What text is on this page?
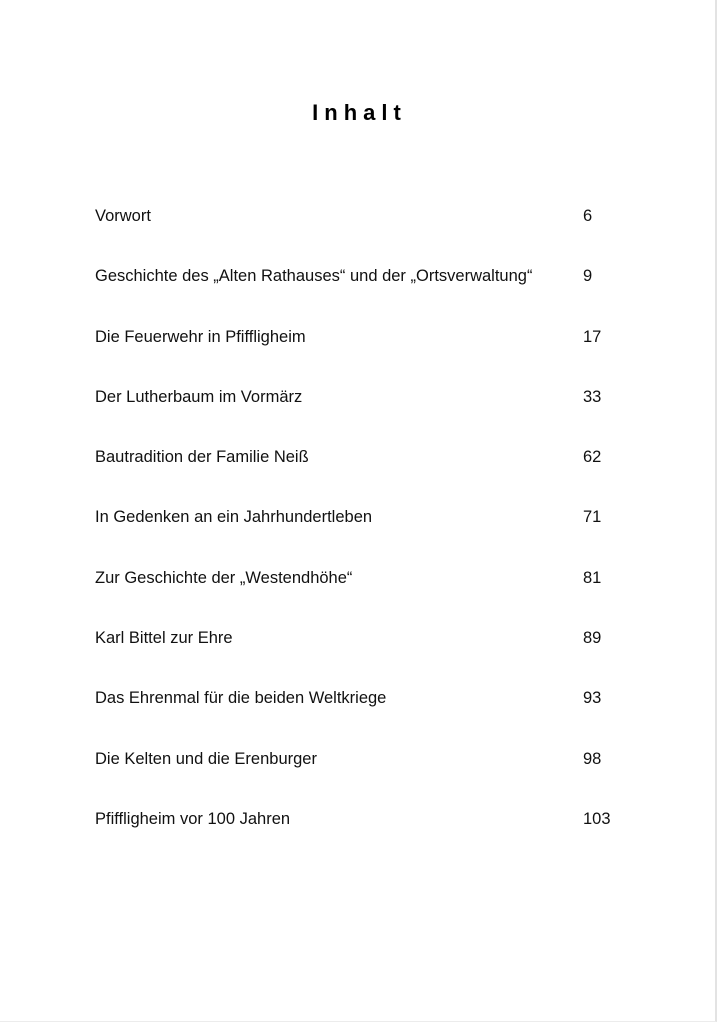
Inhalt
Vorwort	6
Geschichte des „Alten Rathauses“ und der „Ortsverwaltung“	9
Die Feuerwehr in Pfiffligheim	17
Der Lutherbaum im Vormärz	33
Bautradition der Familie Neiß	62
In Gedenken an ein Jahrhundertleben	71
Zur Geschichte der „Westendhöhe“	81
Karl Bittel zur Ehre	89
Das Ehrenmal für die beiden Weltkriege	93
Die Kelten und die Erenburger	98
Pfiffligheim vor 100 Jahren	103
